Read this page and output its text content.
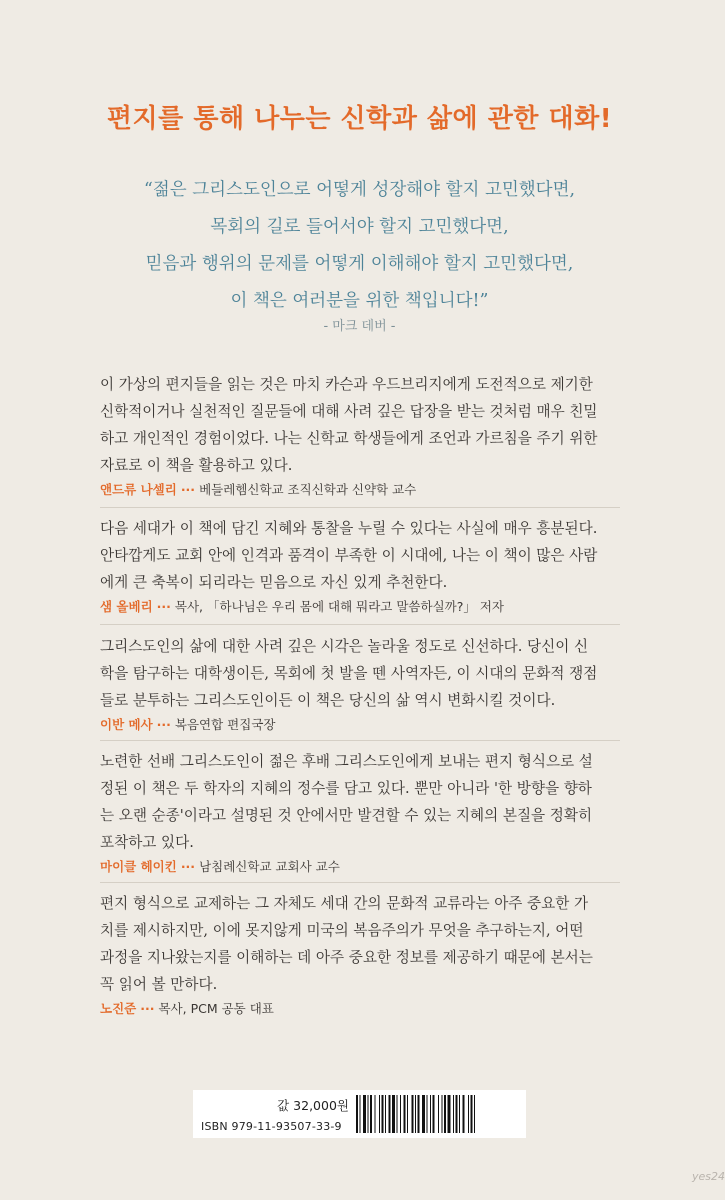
편지를 통해 나누는 신학과 삶에 관한 대화!
“젊은 그리스도인으로 어떻게 성장해야 할지 고민했다면,
목회의 길로 들어서야 할지 고민했다면,
믿음과 행위의 문제를 어떻게 이해해야 할지 고민했다면,
이 책은 여러분을 위한 책입니다!”
- 마크 데버 -
이 가상의 편지들을 읽는 것은 마치 카슨과 우드브리지에게 도전적으로 제기한
신학적이거나 실천적인 질문들에 대해 사려 깊은 답장을 받는 것처럼 매우 친밀
하고 개인적인 경험이었다. 나는 신학교 학생들에게 조언과 가르침을 주기 위한
자료로 이 책을 활용하고 있다.
앤드류 나셀리 ··· 베들레헴신학교 조직신학과 신약학 교수
다음 세대가 이 책에 담긴 지혜와 통찰을 누릴 수 있다는 사실에 매우 흥분된다.
안타깝게도 교회 안에 인격과 품격이 부족한 이 시대에, 나는 이 책이 많은 사람
에게 큰 축복이 되리라는 믿음으로 자신 있게 추천한다.
샘 올베리 ··· 목사, 「하나님은 우리 몸에 대해 뭐라고 말씀하실까?」 저자
그리스도인의 삶에 대한 사려 깊은 시각은 놀라울 정도로 신선하다. 당신이 신
학을 탐구하는 대학생이든, 목회에 첫 발을 뗀 사역자든, 이 시대의 문화적 쟁점
들로 분투하는 그리스도인이든 이 책은 당신의 삶 역시 변화시킬 것이다.
이반 메사 ··· 복음연합 편집국장
노련한 선배 그리스도인이 젊은 후배 그리스도인에게 보내는 편지 형식으로 설
정된 이 책은 두 학자의 지혜의 정수를 담고 있다. 뿐만 아니라 '한 방향을 향하
는 오랜 순종'이라고 설명된 것 안에서만 발견할 수 있는 지혜의 본질을 정확히
포착하고 있다.
마이클 헤이킨 ··· 남침례신학교 교회사 교수
편지 형식으로 교제하는 그 자체도 세대 간의 문화적 교류라는 아주 중요한 가
치를 제시하지만, 이에 못지않게 미국의 복음주의가 무엇을 추구하는지, 어떤
과정을 지나왔는지를 이해하는 데 아주 중요한 정보를 제공하기 때문에 본서는
꼭 읽어 볼 만하다.
노진준 ··· 목사, PCM 공동 대표
값 32,000원
ISBN 979-11-93507-33-9
yes24
